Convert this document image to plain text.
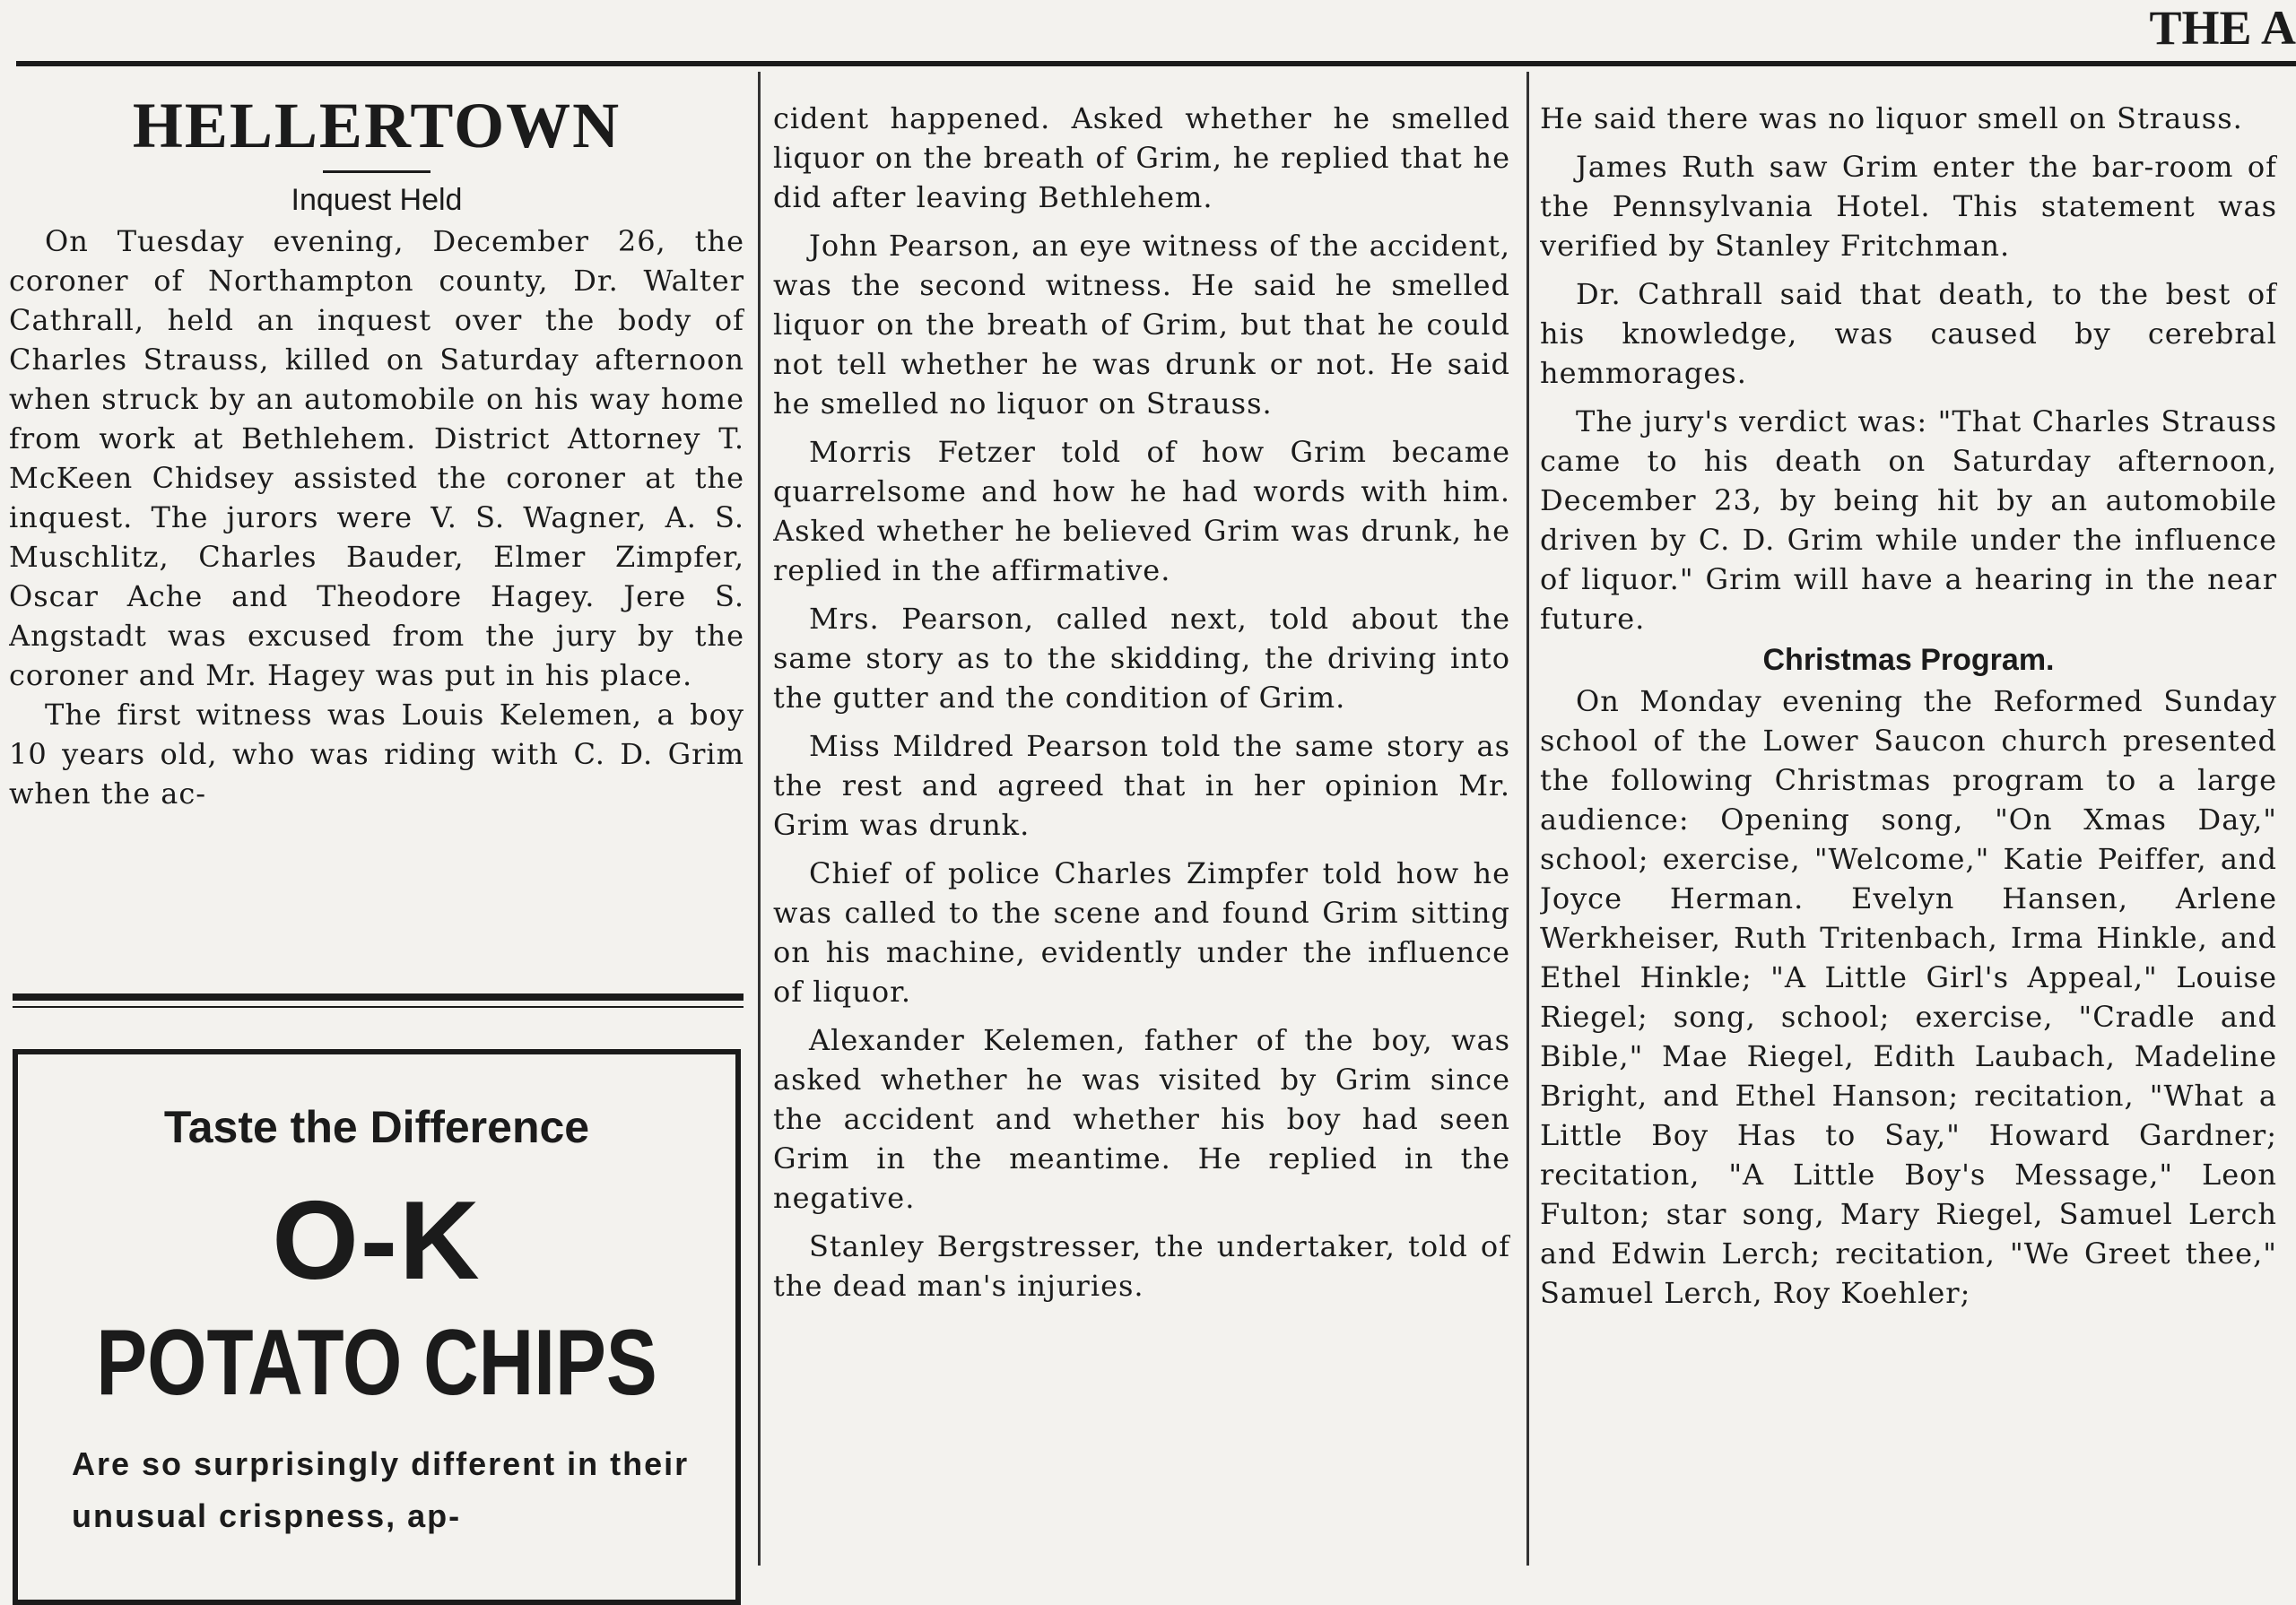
THE A
HELLERTOWN
Inquest Held

On Tuesday evening, December 26, the coroner of Northampton county, Dr. Walter Cathrall, held an inquest over the body of Charles Strauss, killed on Saturday afternoon when struck by an automobile on his way home from work at Bethlehem. District Attorney T. McKeen Chidsey assisted the coroner at the inquest. The jurors were V. S. Wagner, A. S. Muschlitz, Charles Bauder, Elmer Zimpfer, Oscar Ache and Theodore Hagey. Jere S. Angstadt was excused from the jury by the coroner and Mr. Hagey was put in his place.

The first witness was Louis Kelemen, a boy 10 years old, who was riding with C. D. Grim when the ac-

Taste the Difference
O-K
POTATO CHIPS
Are so surprisingly different in their unusual crispness, ap-

cident happened. Asked whether he smelled liquor on the breath of Grim, he replied that he did after leaving Bethlehem.

John Pearson, an eye witness of the accident, was the second witness. He said he smelled liquor on the breath of Grim, but that he could not tell whether he was drunk or not. He said he smelled no liquor on Strauss.

Morris Fetzer told of how Grim became quarrelsome and how he had words with him. Asked whether he believed Grim was drunk, he replied in the affirmative.

Mrs. Pearson, called next, told about the same story as to the skidding, the driving into the gutter and the condition of Grim.

Miss Mildred Pearson told the same story as the rest and agreed that in her opinion Mr. Grim was drunk.

Chief of police Charles Zimpfer told how he was called to the scene and found Grim sitting on his machine, evidently under the influence of liquor.

Alexander Kelemen, father of the boy, was asked whether he was visited by Grim since the accident and whether his boy had seen Grim in the meantime. He replied in the negative.

Stanley Bergstresser, the undertaker, told of the dead man's injuries.

He said there was no liquor smell on Strauss.

James Ruth saw Grim enter the bar-room of the Pennsylvania Hotel. This statement was verified by Stanley Fritchman.

Dr. Cathrall said that death, to the best of his knowledge, was caused by cerebral hemmorages.

The jury's verdict was: "That Charles Strauss came to his death on Saturday afternoon, December 23, by being hit by an automobile driven by C. D. Grim while under the influence of liquor." Grim will have a hearing in the near future.

Christmas Program.

On Monday evening the Reformed Sunday school of the Lower Saucon church presented the following Christmas program to a large audience: Opening song, "On Xmas Day," school; exercise, "Welcome," Katie Peiffer, and Joyce Herman. Evelyn Hansen, Arlene Werkheiser, Ruth Tritenbach, Irma Hinkle, and Ethel Hinkle; "A Little Girl's Appeal," Louise Riegel; song, school; exercise, "Cradle and Bible," Mae Riegel, Edith Laubach, Madeline Bright, and Ethel Hanson; recitation, "What a Little Boy Has to Say," Howard Gardner; recitation, "A Little Boy's Message," Leon Fulton; star song, Mary Riegel, Samuel Lerch and Edwin Lerch; recitation, "We Greet thee," Samuel Lerch, Roy Koehler;
